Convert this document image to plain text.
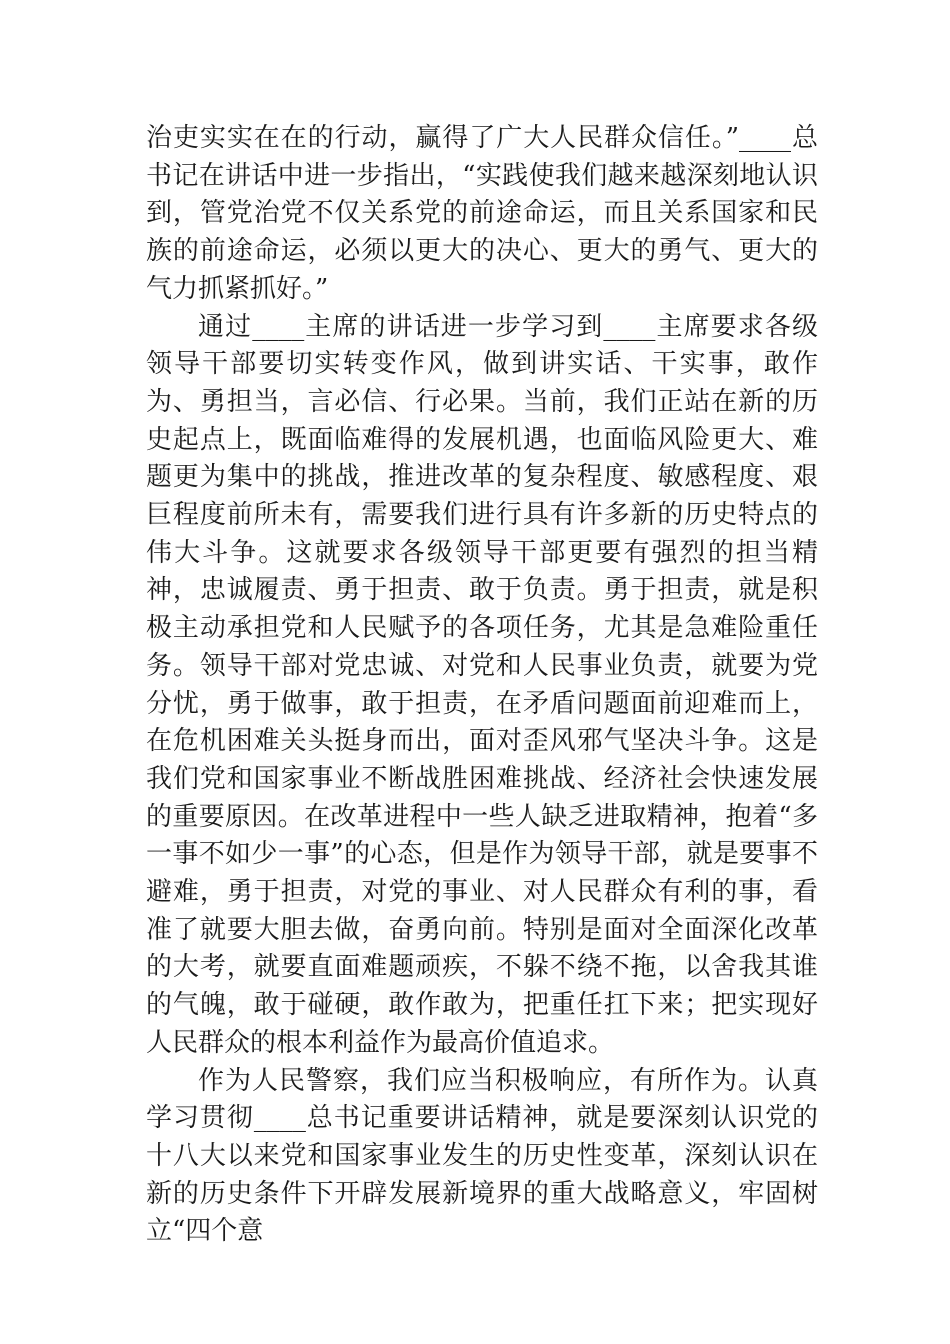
治吏实实在在的行动，赢得了广大人民群众信任。”____总书记在讲话中进一步指出，“实践使我们越来越深刻地认识到，管党治党不仅关系党的前途命运，而且关系国家和民族的前途命运，必须以更大的决心、更大的勇气、更大的气力抓紧抓好。”

通过____主席的讲话进一步学习到____主席要求各级领导干部要切实转变作风，做到讲实话、干实事，敢作为、勇担当，言必信、行必果。当前，我们正站在新的历史起点上，既面临难得的发展机遇，也面临风险更大、难题更为集中的挑战，推进改革的复杂程度、敏感程度、艰巨程度前所未有，需要我们进行具有许多新的历史特点的伟大斗争。这就要求各级领导干部更要有强烈的担当精神，忠诚履责、勇于担责、敢于负责。勇于担责，就是积极主动承担党和人民赋予的各项任务，尤其是急难险重任务。领导干部对党忠诚、对党和人民事业负责，就要为党分忧，勇于做事，敢于担责，在矛盾问题面前迎难而上，在危机困难关头挺身而出，面对歪风邪气坚决斗争。这是我们党和国家事业不断战胜困难挑战、经济社会快速发展的重要原因。在改革进程中一些人缺乏进取精神，抱着“多一事不如少一事”的心态，但是作为领导干部，就是要事不避难，勇于担责，对党的事业、对人民群众有利的事，看准了就要大胆去做，奋勇向前。特别是面对全面深化改革的大考，就要直面难题顽疾，不躲不绕不拖，以舍我其谁的气魄，敢于碰硬，敢作敢为，把重任扛下来；把实现好人民群众的根本利益作为最高价值追求。

作为人民警察，我们应当积极响应，有所作为。认真学习贯彻____总书记重要讲话精神，就是要深刻认识党的十八大以来党和国家事业发生的历史性变革，深刻认识在新的历史条件下开辟发展新境界的重大战略意义，牢固树立“四个意
